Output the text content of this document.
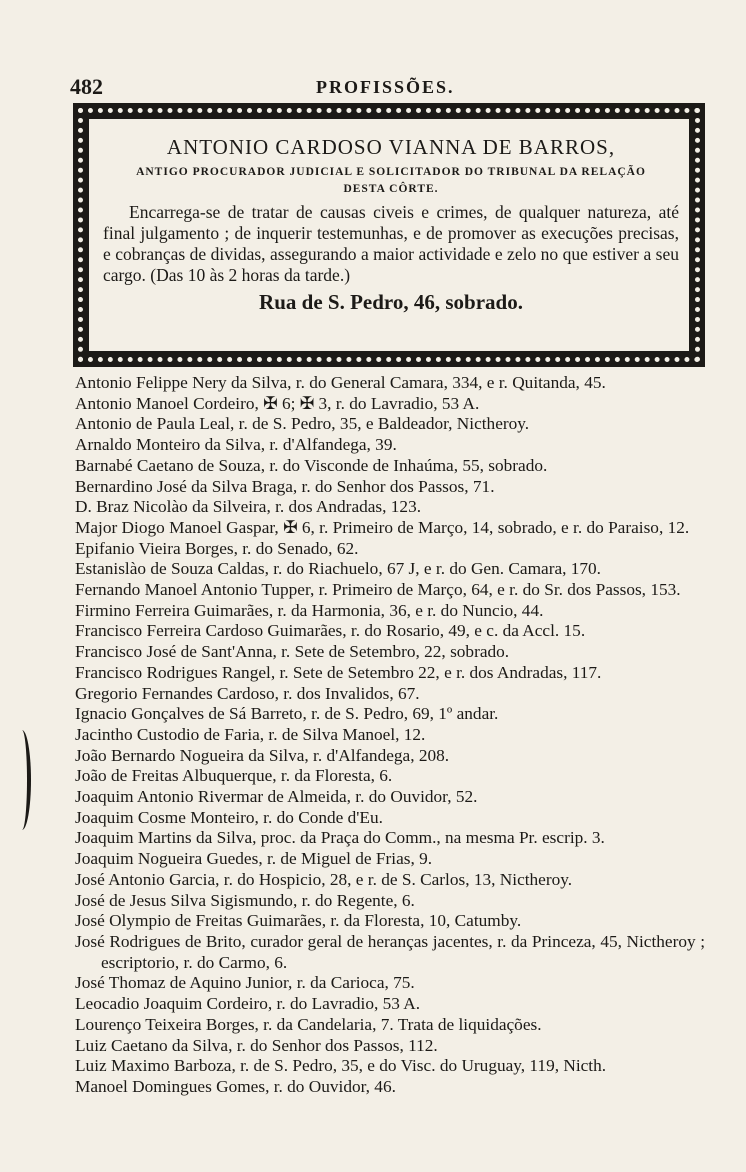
482	PROFISSÕES.

ANTONIO CARDOSO VIANNA DE BARROS,

ANTIGO PROCURADOR JUDICIAL E SOLICITADOR DO TRIBUNAL DA RELAÇÃO DESTA CÔRTE.

Encarrega-se de tratar de causas civeis e crimes, de qualquer natureza, até final julgamento ; de inquerir testemunhas, e de promover as execuções precisas, e cobranças de dividas, assegurando a maior actividade e zelo no que estiver a seu cargo. (Das 10 às 2 horas da tarde.)

Rua de S. Pedro, 46, sobrado.
Antonio Felippe Nery da Silva, r. do General Camara, 334, e r. Quitanda, 45.
Antonio Manoel Cordeiro, ✠ 6; ✠ 3, r. do Lavradio, 53 A.
Antonio de Paula Leal, r. de S. Pedro, 35, e Baldeador, Nictheroy.
Arnaldo Monteiro da Silva, r. d'Alfandega, 39.
Barnabé Caetano de Souza, r. do Visconde de Inhaúma, 55, sobrado.
Bernardino José da Silva Braga, r. do Senhor dos Passos, 71.
D. Braz Nicolào da Silveira, r. dos Andradas, 123.
Major Diogo Manoel Gaspar, ✠ 6, r. Primeiro de Março, 14, sobrado, e r. do Paraiso, 12.
Epifanio Vieira Borges, r. do Senado, 62.
Estanislào de Souza Caldas, r. do Riachuelo, 67 J, e r. do Gen. Camara, 170.
Fernando Manoel Antonio Tupper, r. Primeiro de Março, 64, e r. do Sr. dos Passos, 153.
Firmino Ferreira Guimarães, r. da Harmonia, 36, e r. do Nuncio, 44.
Francisco Ferreira Cardoso Guimarães, r. do Rosario, 49, e c. da Accl. 15.
Francisco José de Sant'Anna, r. Sete de Setembro, 22, sobrado.
Francisco Rodrigues Rangel, r. Sete de Setembro 22, e r. dos Andradas, 117.
Gregorio Fernandes Cardoso, r. dos Invalidos, 67.
Ignacio Gonçalves de Sá Barreto, r. de S. Pedro, 69, 1º andar.
Jacintho Custodio de Faria, r. de Silva Manoel, 12.
João Bernardo Nogueira da Silva, r. d'Alfandega, 208.
João de Freitas Albuquerque, r. da Floresta, 6.
Joaquim Antonio Rivermar de Almeida, r. do Ouvidor, 52.
Joaquim Cosme Monteiro, r. do Conde d'Eu.
Joaquim Martins da Silva, proc. da Praça do Comm., na mesma Pr. escrip. 3.
Joaquim Nogueira Guedes, r. de Miguel de Frias, 9.
José Antonio Garcia, r. do Hospicio, 28, e r. de S. Carlos, 13, Nictheroy.
José de Jesus Silva Sigismundo, r. do Regente, 6.
José Olympio de Freitas Guimarães, r. da Floresta, 10, Catumby.
José Rodrigues de Brito, curador geral de heranças jacentes, r. da Princeza, 45, Nictheroy ; escriptorio, r. do Carmo, 6.
José Thomaz de Aquino Junior, r. da Carioca, 75.
Leocadio Joaquim Cordeiro, r. do Lavradio, 53 A.
Lourenço Teixeira Borges, r. da Candelaria, 7. Trata de liquidações.
Luiz Caetano da Silva, r. do Senhor dos Passos, 112.
Luiz Maximo Barboza, r. de S. Pedro, 35, e do Visc. do Uruguay, 119, Nicth.
Manoel Domingues Gomes, r. do Ouvidor, 46.
